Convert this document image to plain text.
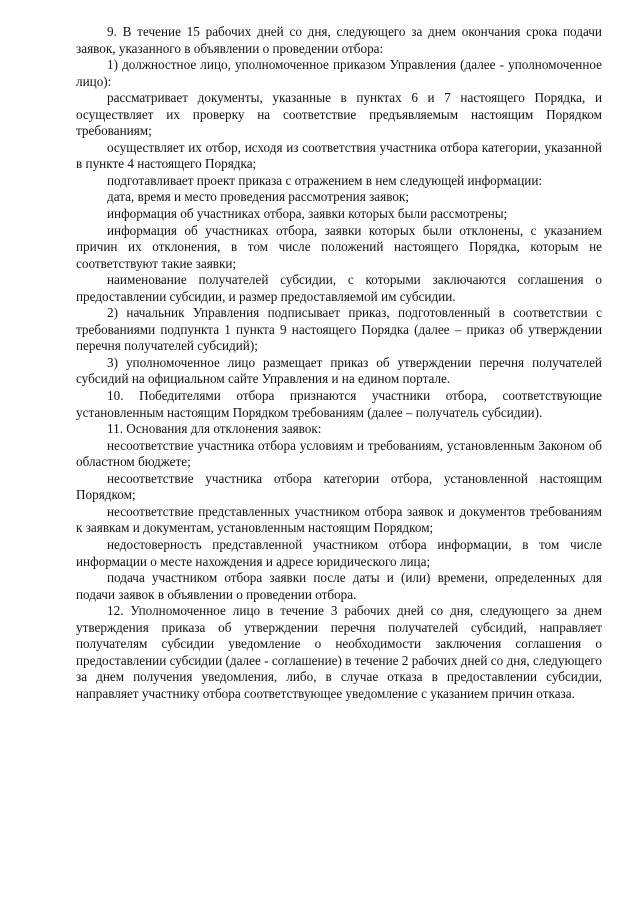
9. В течение 15 рабочих дней со дня, следующего за днем окончания срока подачи заявок, указанного в объявлении о проведении отбора:

1) должностное лицо, уполномоченное приказом Управления (далее - уполномоченное лицо):

рассматривает документы, указанные в пунктах 6 и 7 настоящего Порядка, и осуществляет их проверку на соответствие предъявляемым настоящим Порядком требованиям;

осуществляет их отбор, исходя из соответствия участника отбора категории, указанной в пункте 4 настоящего Порядка;

подготавливает проект приказа с отражением в нем следующей информации:

дата, время и место проведения рассмотрения заявок;

информация об участниках отбора, заявки которых были рассмотрены;

информация об участниках отбора, заявки которых были отклонены, с указанием причин их отклонения, в том числе положений настоящего Порядка, которым не соответствуют такие заявки;

наименование получателей субсидии, с которыми заключаются соглашения о предоставлении субсидии, и размер предоставляемой им субсидии.

2) начальник Управления подписывает приказ, подготовленный в соответствии с требованиями подпункта 1 пункта 9 настоящего Порядка (далее – приказ об утверждении перечня получателей субсидий);

3) уполномоченное лицо размещает приказ об утверждении перечня получателей субсидий на официальном сайте Управления и на едином портале.

10. Победителями отбора признаются участники отбора, соответствующие установленным настоящим Порядком требованиям (далее – получатель субсидии).

11. Основания для отклонения заявок:

несоответствие участника отбора условиям и требованиям, установленным Законом об областном бюджете;

несоответствие участника отбора категории отбора, установленной настоящим Порядком;

несоответствие представленных участником отбора заявок и документов требованиям к заявкам и документам, установленным настоящим Порядком;

недостоверность представленной участником отбора информации, в том числе информации о месте нахождения и адресе юридического лица;

подача участником отбора заявки после даты и (или) времени, определенных для подачи заявок в объявлении о проведении отбора.

12. Уполномоченное лицо в течение 3 рабочих дней со дня, следующего за днем утверждения приказа об утверждении перечня получателей субсидий, направляет получателям субсидии уведомление о необходимости заключения соглашения о предоставлении субсидии (далее - соглашение) в течение 2 рабочих дней со дня, следующего за днем получения уведомления, либо, в случае отказа в предоставлении субсидии, направляет участнику отбора соответствующее уведомление с указанием причин отказа.
